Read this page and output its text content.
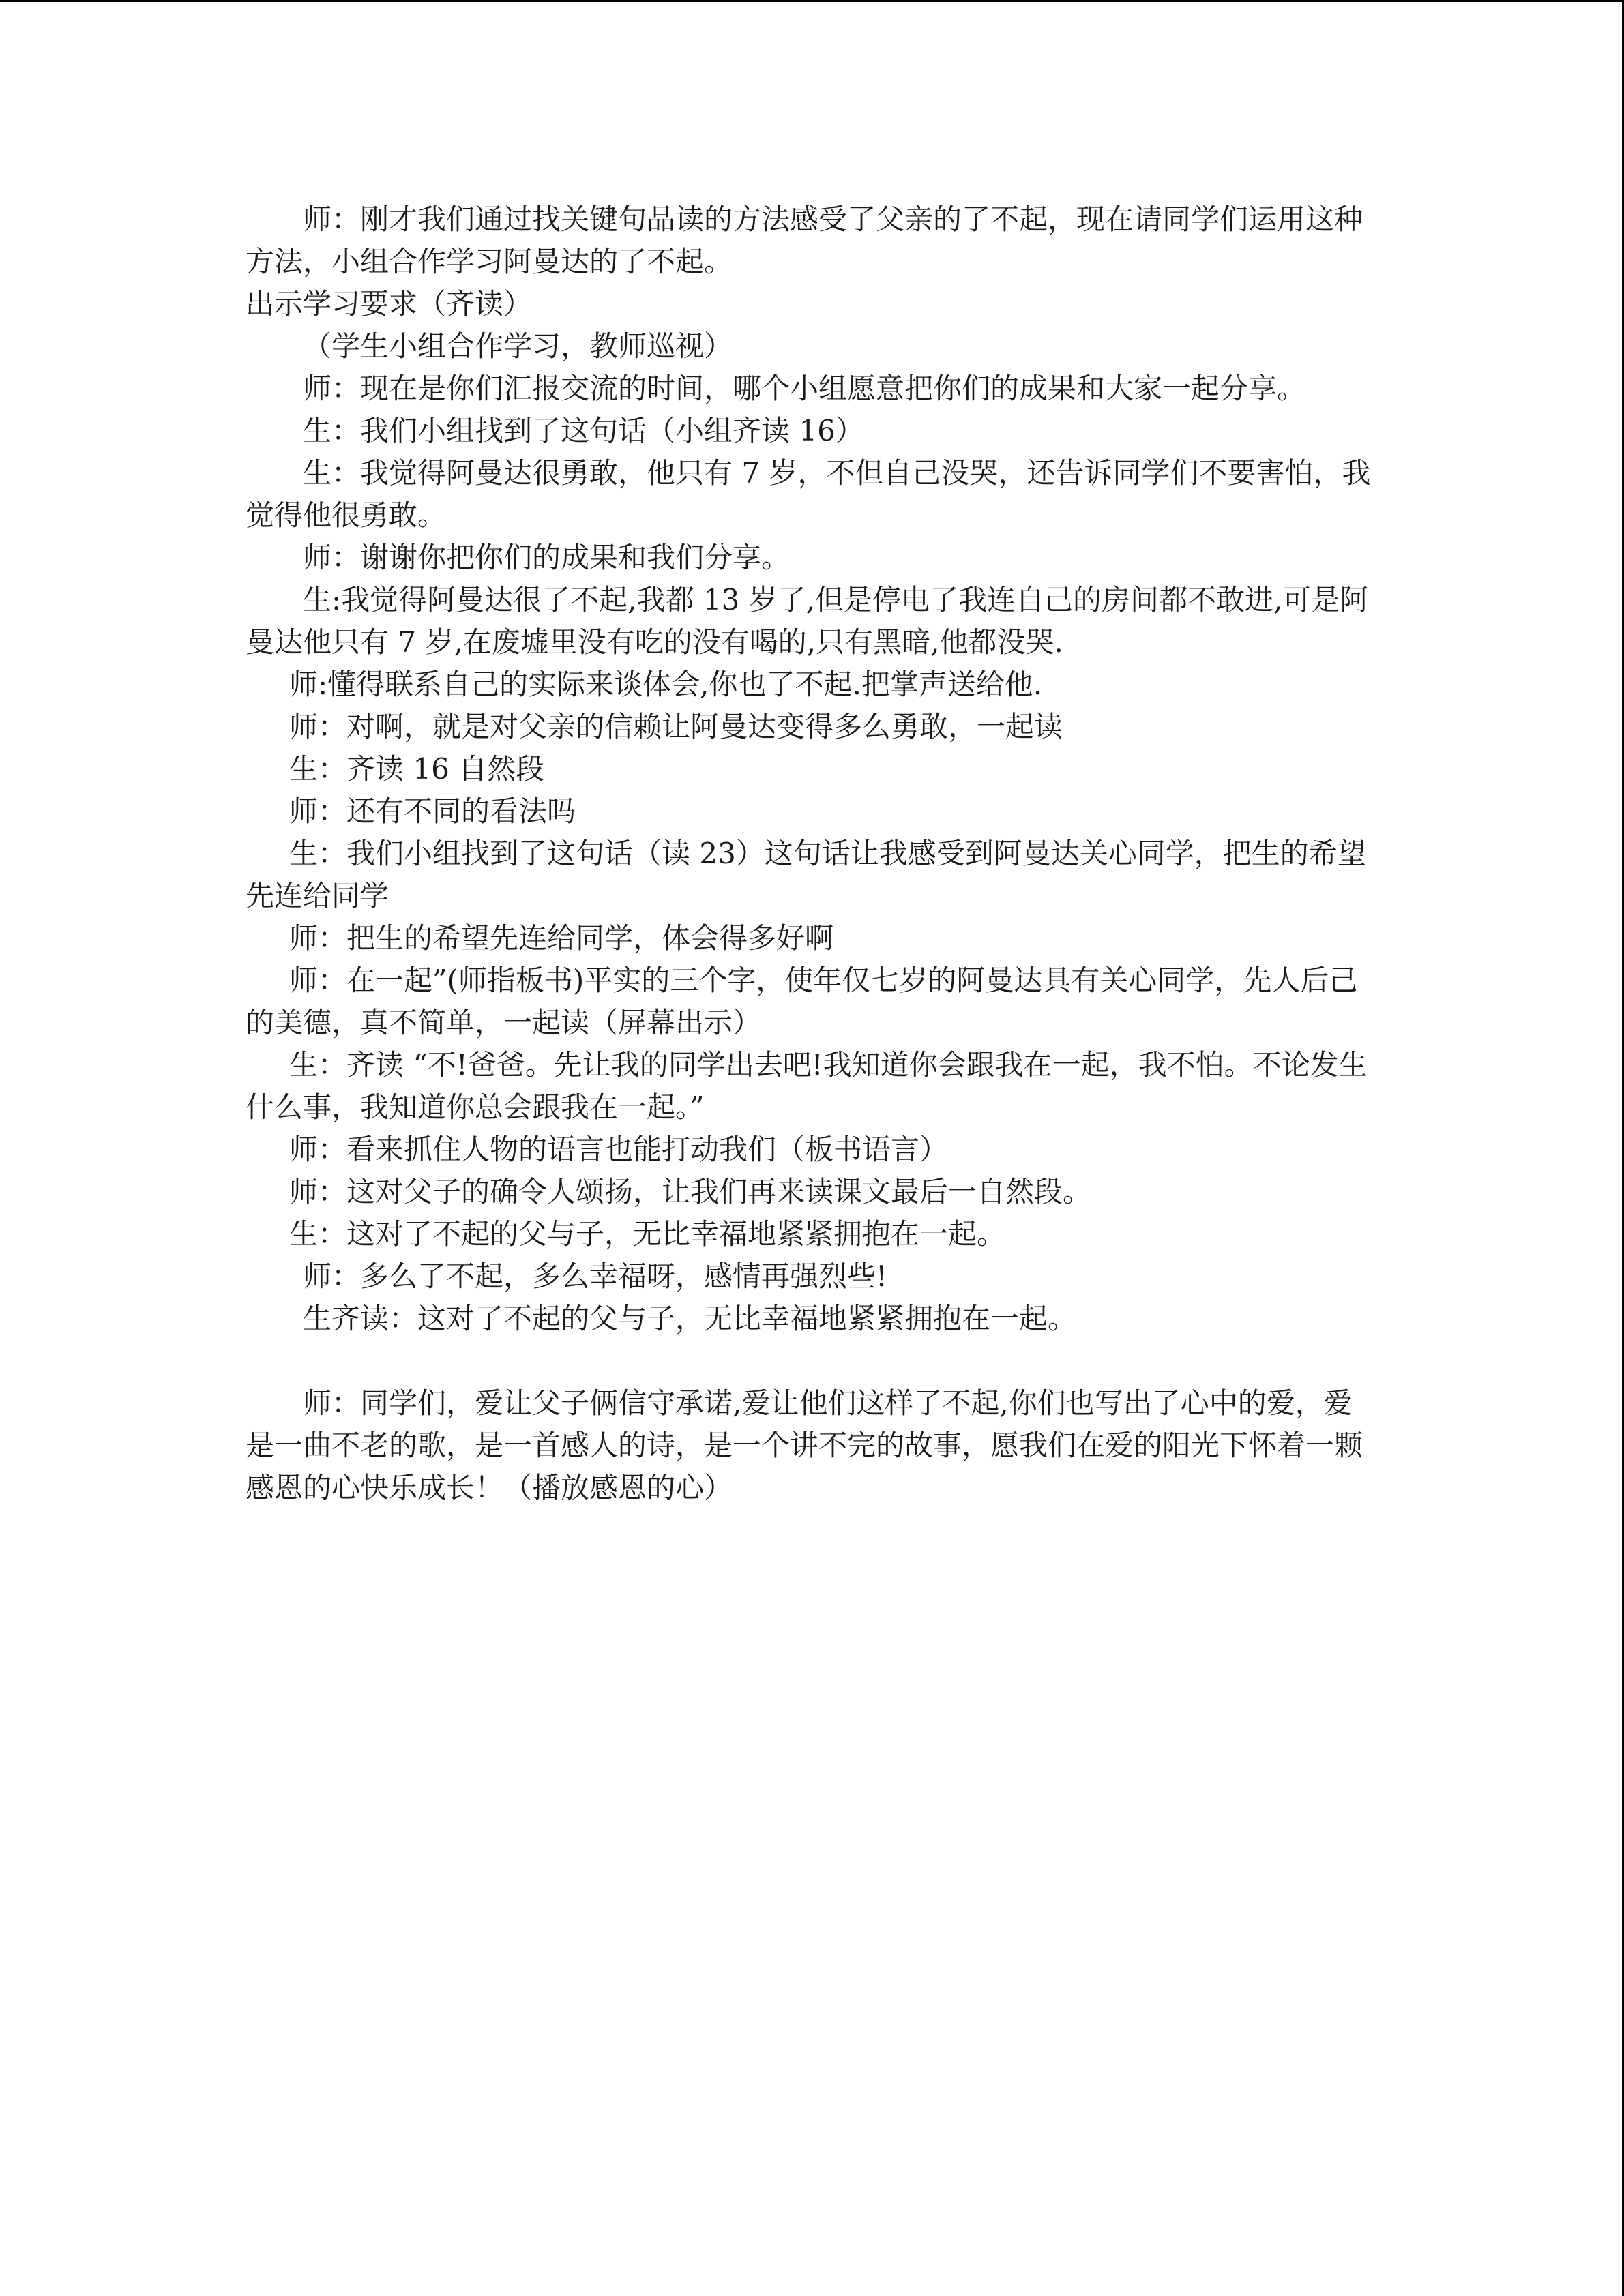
师：刚才我们通过找关键句品读的方法感受了父亲的了不起，现在请同学们运用这种方法，小组合作学习阿曼达的了不起。

出示学习要求（齐读）

（学生小组合作学习，教师巡视）

师：现在是你们汇报交流的时间，哪个小组愿意把你们的成果和大家一起分享。

生：我们小组找到了这句话（小组齐读 16）

生：我觉得阿曼达很勇敢，他只有 7 岁，不但自己没哭，还告诉同学们不要害怕，我觉得他很勇敢。

师：谢谢你把你们的成果和我们分享。

生:我觉得阿曼达很了不起,我都 13 岁了,但是停电了我连自己的房间都不敢进,可是阿曼达他只有 7 岁,在废墟里没有吃的没有喝的,只有黑暗,他都没哭.

师:懂得联系自己的实际来谈体会,你也了不起.把掌声送给他.

师：对啊，就是对父亲的信赖让阿曼达变得多么勇敢，一起读

生：齐读 16 自然段

师：还有不同的看法吗

生：我们小组找到了这句话（读 23）这句话让我感受到阿曼达关心同学，把生的希望先连给同学

师：把生的希望先连给同学，体会得多好啊

师：在一起”(师指板书)平实的三个字，使年仅七岁的阿曼达具有关心同学，先人后己的美德，真不简单，一起读（屏幕出示）

生：齐读 “不!爸爸。先让我的同学出去吧!我知道你会跟我在一起，我不怕。不论发生什么事，我知道你总会跟我在一起。”

师：看来抓住人物的语言也能打动我们（板书语言）

师：这对父子的确令人颂扬，让我们再来读课文最后一自然段。

生：这对了不起的父与子，无比幸福地紧紧拥抱在一起。

师：多么了不起，多么幸福呀，感情再强烈些!

生齐读：这对了不起的父与子，无比幸福地紧紧拥抱在一起。

师：同学们，爱让父子俩信守承诺,爱让他们这样了不起,你们也写出了心中的爱，爱是一曲不老的歌，是一首感人的诗，是一个讲不完的故事，愿我们在爱的阳光下怀着一颗感恩的心快乐成长！（播放感恩的心）
